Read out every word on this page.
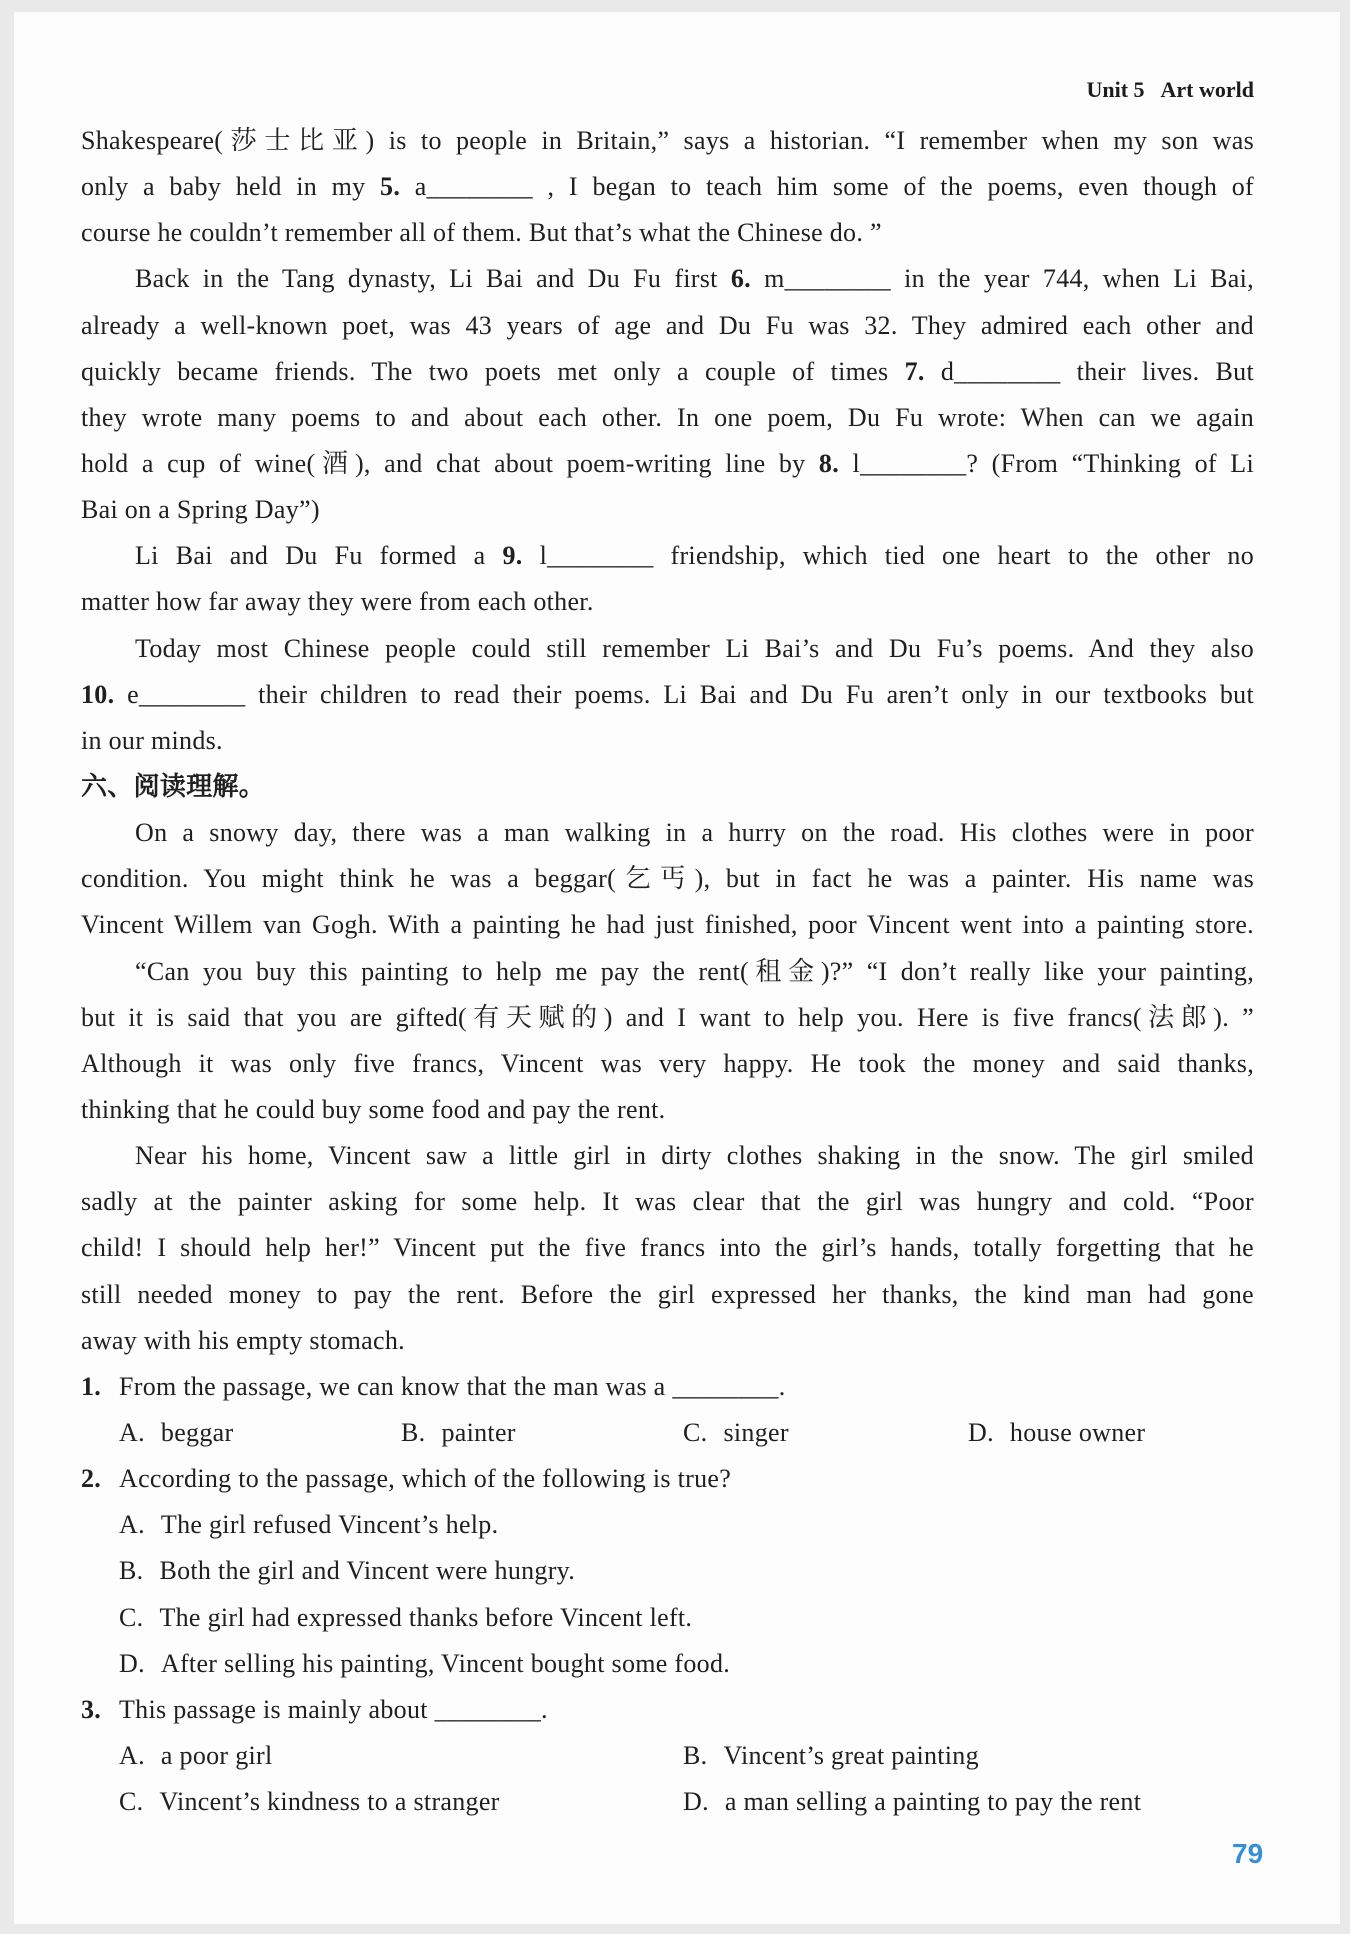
Unit 5 Art world
Shakespeare(莎士比亚) is to people in Britain,” says a historian. “I remember when my son was
only a baby held in my 5. a________ , I began to teach him some of the poems, even though of
course he couldn’t remember all of them. But that’s what the Chinese do. ”
Back in the Tang dynasty, Li Bai and Du Fu first 6. m________ in the year 744, when Li Bai,
already a well-known poet, was 43 years of age and Du Fu was 32. They admired each other and
quickly became friends. The two poets met only a couple of times 7. d________ their lives. But
they wrote many poems to and about each other. In one poem, Du Fu wrote: When can we again
hold a cup of wine(酒), and chat about poem-writing line by 8. l________? (From “Thinking of Li
Bai on a Spring Day”)
Li Bai and Du Fu formed a 9. l________ friendship, which tied one heart to the other no
matter how far away they were from each other.
Today most Chinese people could still remember Li Bai’s and Du Fu’s poems. And they also
10. e________ their children to read their poems. Li Bai and Du Fu aren’t only in our textbooks but
in our minds.
六、阅读理解。
On a snowy day, there was a man walking in a hurry on the road. His clothes were in poor
condition. You might think he was a beggar(乞丐), but in fact he was a painter. His name was
Vincent Willem van Gogh. With a painting he had just finished, poor Vincent went into a painting store.
“Can you buy this painting to help me pay the rent(租金)?” “I don’t really like your painting,
but it is said that you are gifted(有天赋的) and I want to help you. Here is five francs(法郎). ”
Although it was only five francs, Vincent was very happy. He took the money and said thanks,
thinking that he could buy some food and pay the rent.
Near his home, Vincent saw a little girl in dirty clothes shaking in the snow. The girl smiled
sadly at the painter asking for some help. It was clear that the girl was hungry and cold. “Poor
child! I should help her!” Vincent put the five francs into the girl’s hands, totally forgetting that he
still needed money to pay the rent. Before the girl expressed her thanks, the kind man had gone
away with his empty stomach.
1. From the passage, we can know that the man was a ________.
A. beggar	B. painter	C. singer	D. house owner
2. According to the passage, which of the following is true?
A. The girl refused Vincent’s help.
B. Both the girl and Vincent were hungry.
C. The girl had expressed thanks before Vincent left.
D. After selling his painting, Vincent bought some food.
3. This passage is mainly about ________.
A. a poor girl	B. Vincent’s great painting
C. Vincent’s kindness to a stranger	D. a man selling a painting to pay the rent
79
